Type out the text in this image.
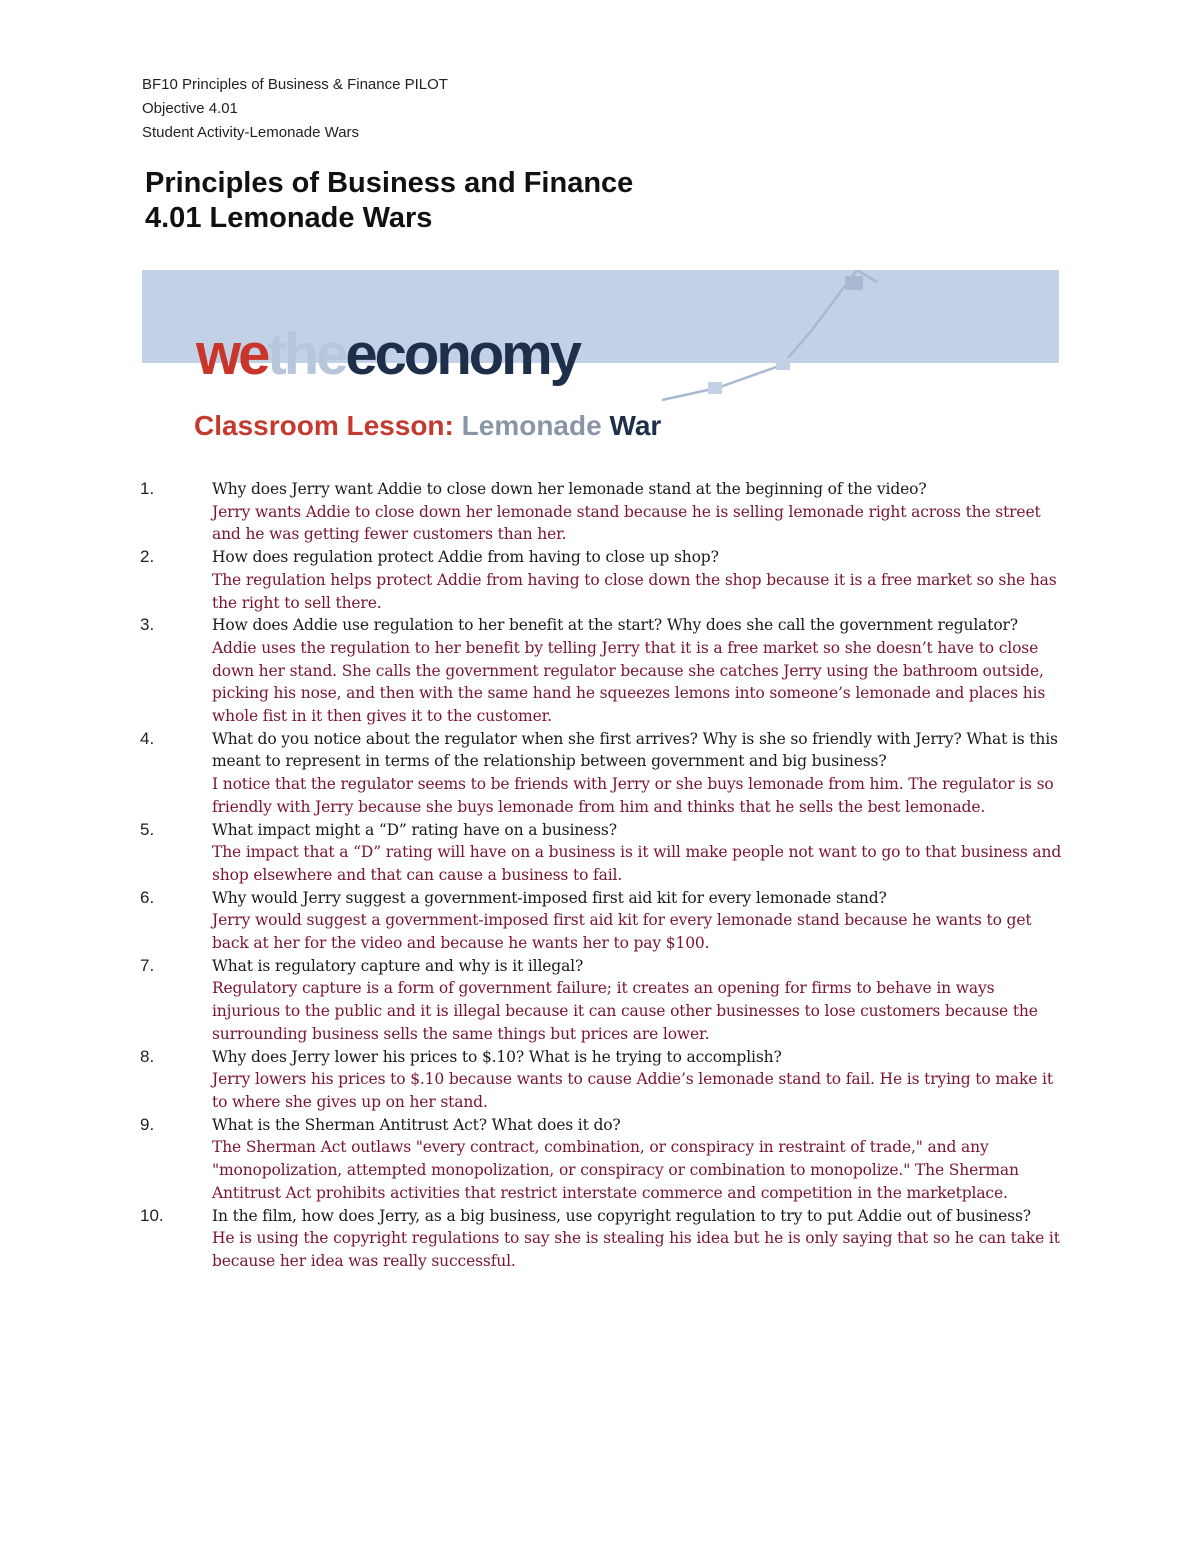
BF10 Principles of Business & Finance PILOT
Objective 4.01
Student Activity-Lemonade Wars
Principles of Business and Finance
4.01 Lemonade Wars
wetheeconomy
Classroom Lesson: Lemonade War
1.	Why does Jerry want Addie to close down her lemonade stand at the beginning of the video?
Jerry wants Addie to close down her lemonade stand because he is selling lemonade right across the street and he was getting fewer customers than her.
2.	How does regulation protect Addie from having to close up shop?
The regulation helps protect Addie from having to close down the shop because it is a free market so she has the right to sell there.
3.	How does Addie use regulation to her benefit at the start? Why does she call the government regulator?
Addie uses the regulation to her benefit by telling Jerry that it is a free market so she doesn’t have to close down her stand. She calls the government regulator because she catches Jerry using the bathroom outside, picking his nose, and then with the same hand he squeezes lemons into someone’s lemonade and places his whole fist in it then gives it to the customer.
4.	What do you notice about the regulator when she first arrives? Why is she so friendly with Jerry? What is this meant to represent in terms of the relationship between government and big business?
I notice that the regulator seems to be friends with Jerry or she buys lemonade from him. The regulator is so friendly with Jerry because she buys lemonade from him and thinks that he sells the best lemonade.
5.	What impact might a “D” rating have on a business?
The impact that a “D” rating will have on a business is it will make people not want to go to that business and shop elsewhere and that can cause a business to fail.
6.	Why would Jerry suggest a government-imposed first aid kit for every lemonade stand?
Jerry would suggest a government-imposed first aid kit for every lemonade stand because he wants to get back at her for the video and because he wants her to pay $100.
7.	What is regulatory capture and why is it illegal?
Regulatory capture is a form of government failure; it creates an opening for firms to behave in ways injurious to the public and it is illegal because it can cause other businesses to lose customers because the surrounding business sells the same things but prices are lower.
8.	Why does Jerry lower his prices to $.10? What is he trying to accomplish?
Jerry lowers his prices to $.10 because wants to cause Addie’s lemonade stand to fail. He is trying to make it to where she gives up on her stand.
9.	What is the Sherman Antitrust Act? What does it do?
The Sherman Act outlaws "every contract, combination, or conspiracy in restraint of trade," and any "monopolization, attempted monopolization, or conspiracy or combination to monopolize." The Sherman Antitrust Act prohibits activities that restrict interstate commerce and competition in the marketplace.
10.	In the film, how does Jerry, as a big business, use copyright regulation to try to put Addie out of business?
He is using the copyright regulations to say she is stealing his idea but he is only saying that so he can take it because her idea was really successful.
